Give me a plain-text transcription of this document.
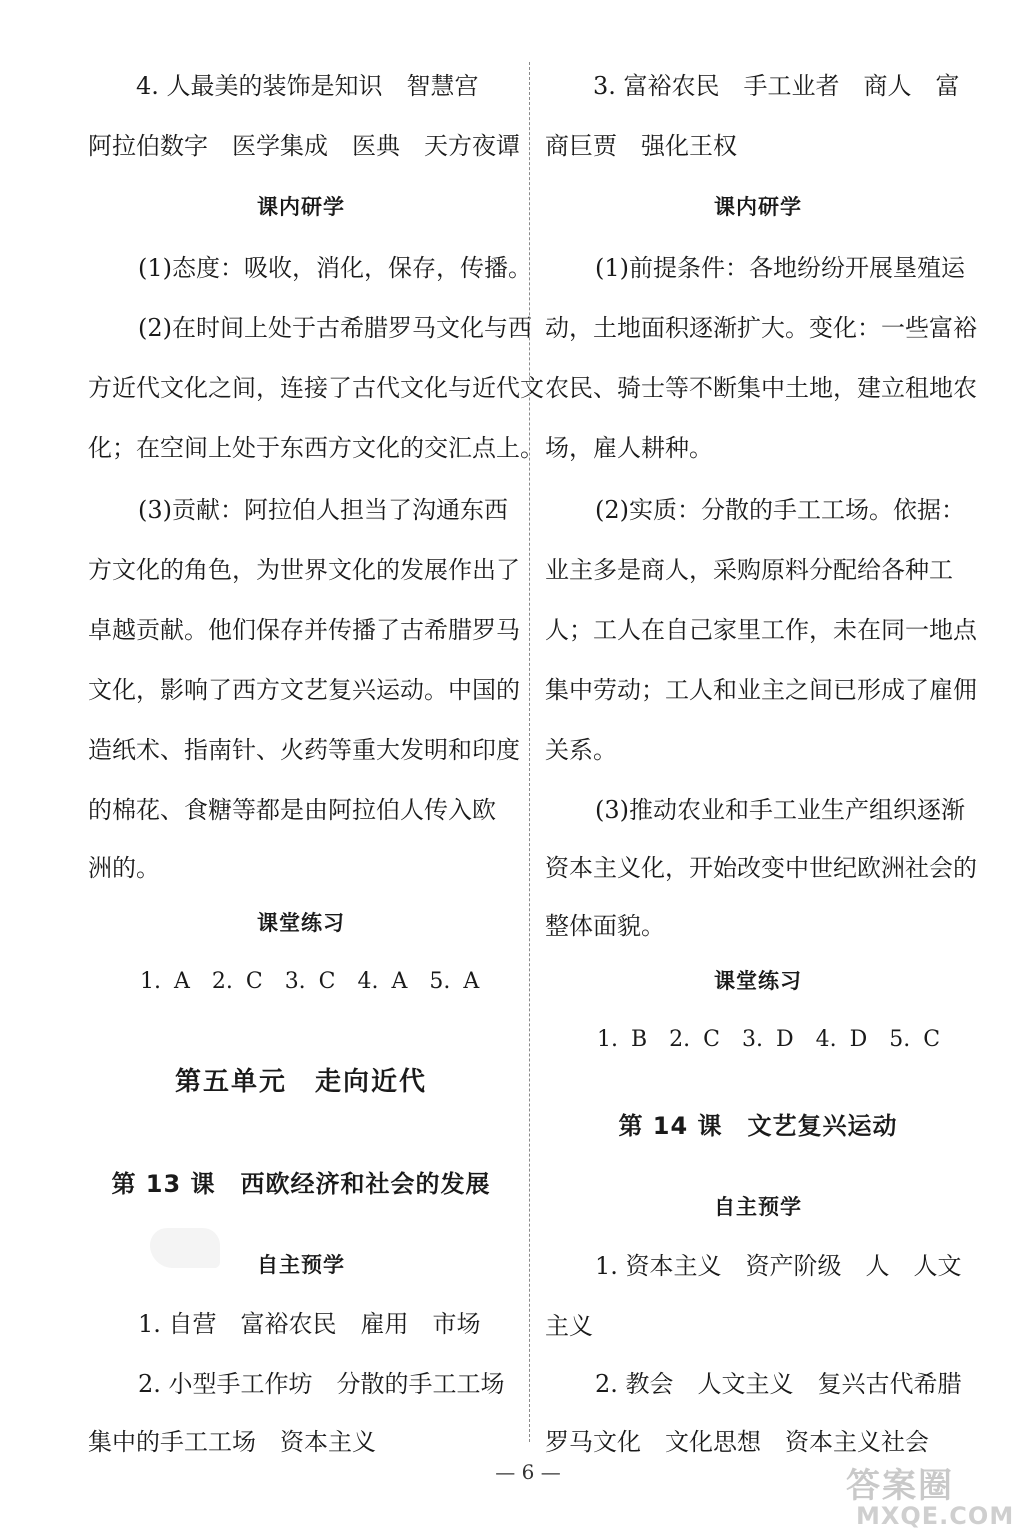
4. 人最美的装饰是知识　智慧宫
阿拉伯数字　医学集成　医典　天方夜谭
课内研学
(1)态度：吸收，消化，保存，传播。
(2)在时间上处于古希腊罗马文化与西
方近代文化之间，连接了古代文化与近代文
化；在空间上处于东西方文化的交汇点上。
(3)贡献：阿拉伯人担当了沟通东西
方文化的角色，为世界文化的发展作出了
卓越贡献。他们保存并传播了古希腊罗马
文化，影响了西方文艺复兴运动。中国的
造纸术、指南针、火药等重大发明和印度
的棉花、食糖等都是由阿拉伯人传入欧
洲的。
课堂练习
1. A　2. C　3. C　4. A　5. A
第五单元　走向近代
第 13 课　西欧经济和社会的发展
自主预学
1. 自营　富裕农民　雇用　市场
2. 小型手工作坊　分散的手工工场
集中的手工工场　资本主义
3. 富裕农民　手工业者　商人　富
商巨贾　强化王权
课内研学
(1)前提条件：各地纷纷开展垦殖运
动，土地面积逐渐扩大。变化：一些富裕
农民、骑士等不断集中土地，建立租地农
场，雇人耕种。
(2)实质：分散的手工工场。依据：
业主多是商人，采购原料分配给各种工
人；工人在自己家里工作，未在同一地点
集中劳动；工人和业主之间已形成了雇佣
关系。
(3)推动农业和手工业生产组织逐渐
资本主义化，开始改变中世纪欧洲社会的
整体面貌。
课堂练习
1. B　2. C　3. D　4. D　5. C
第 14 课　文艺复兴运动
自主预学
1. 资本主义　资产阶级　人　人文
主义
2. 教会　人文主义　复兴古代希腊
罗马文化　文化思想　资本主义社会
— 6 —	答案圈
MXQE.COM
